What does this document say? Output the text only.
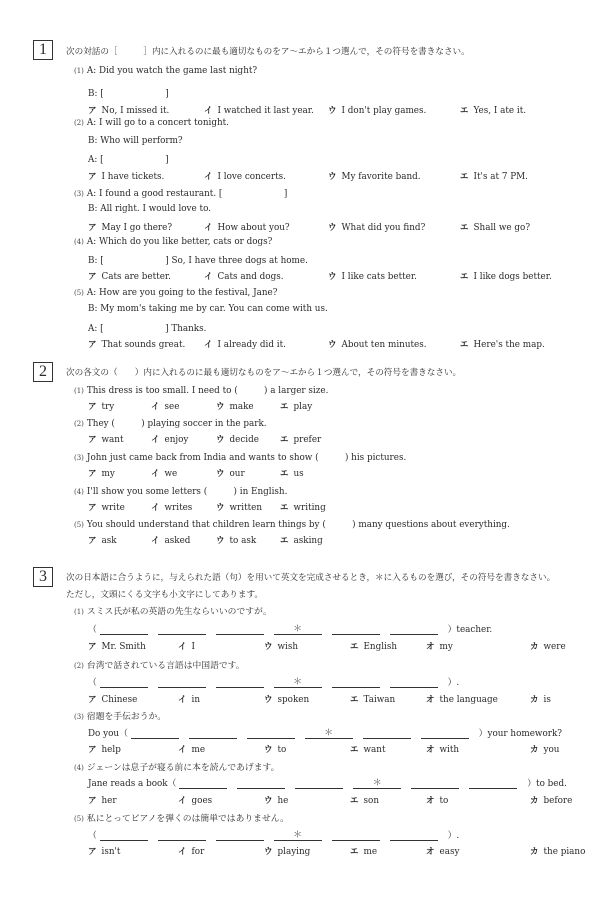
1	次の対話の［　　　］内に入れるのに最も適切なものをア～エから１つ選んで，その符号を書きなさい。
(1) A: Did you watch the game last night?
B: [　　　　　　　]
ア No, I missed it.	イ I watched it last year. ウ I don't play games.	エ Yes, I ate it.
(2) A: I will go to a concert tonight.
B: Who will perform?
A: [　　　　　　　]
ア I have tickets.	イ I love concerts.	ウ My favorite band.	エ It's at 7 PM.
(3) A: I found a good restaurant. [　　　　　　　]
B: All right. I would love to.
ア May I go there?	イ How about you?	ウ What did you find?	エ Shall we go?
(4) A: Which do you like better, cats or dogs?
B: [　　　　　　　] So, I have three dogs at home.
ア Cats are better.	イ Cats and dogs.	ウ I like cats better.	エ I like dogs better.
(5) A: How are you going to the festival, Jane?
B: My mom's taking me by car. You can come with us.
A: [　　　　　　　] Thanks.
ア That sounds great. イ I already did it.	ウ About ten minutes.	エ Here's the map.
2	次の各文の（　　）内に入れるのに最も適切なものをア～エから１つ選んで，その符号を書きなさい。
(1) This dress is too small. I need to (　　　) a larger size.
ア try	イ see	ウ make	エ play
(2) They (　　　) playing soccer in the park.
ア want	イ enjoy	ウ decide エ prefer
(3) John just came back from India and wants to show (　　　) his pictures.
ア my	イ we	ウ our	エ us
(4) I'll show you some letters (　　　) in English.
ア write	イ writes	ウ written エ writing
(5) You should understand that children learn things by (　　　) many questions about everything.
ア ask	イ asked	ウ to ask	エ asking
3	次の日本語に合うように，与えられた語（句）を用いて英文を完成させるとき，＊に入るものを選び，その符号を書きなさい。
ただし，文頭にくる文字も小文字にしてあります。
(1) スミス氏が私の英語の先生ならいいのですが。
（	＊	）teacher.
ア Mr. Smith	イ I	ウ wish	エ English	オ my	カ were
(2) 台湾で話されている言語は中国語です。
（	＊	）.
ア Chinese	イ in	ウ spoken	エ Taiwan	オ the language	カ is
(3) 宿題を手伝おうか。
Do you（	＊	）your homework?
ア help	イ me	ウ to	エ want	オ with	カ you
(4) ジェーンは息子が寝る前に本を読んであげます。
Jane reads a book（	＊	）to bed.
ア her	イ goes	ウ he	エ son	オ to	カ before
(5) 私にとってピアノを弾くのは簡単ではありません。
（	＊	）.
ア isn't	イ for	ウ playing	エ me	オ easy	カ the piano
